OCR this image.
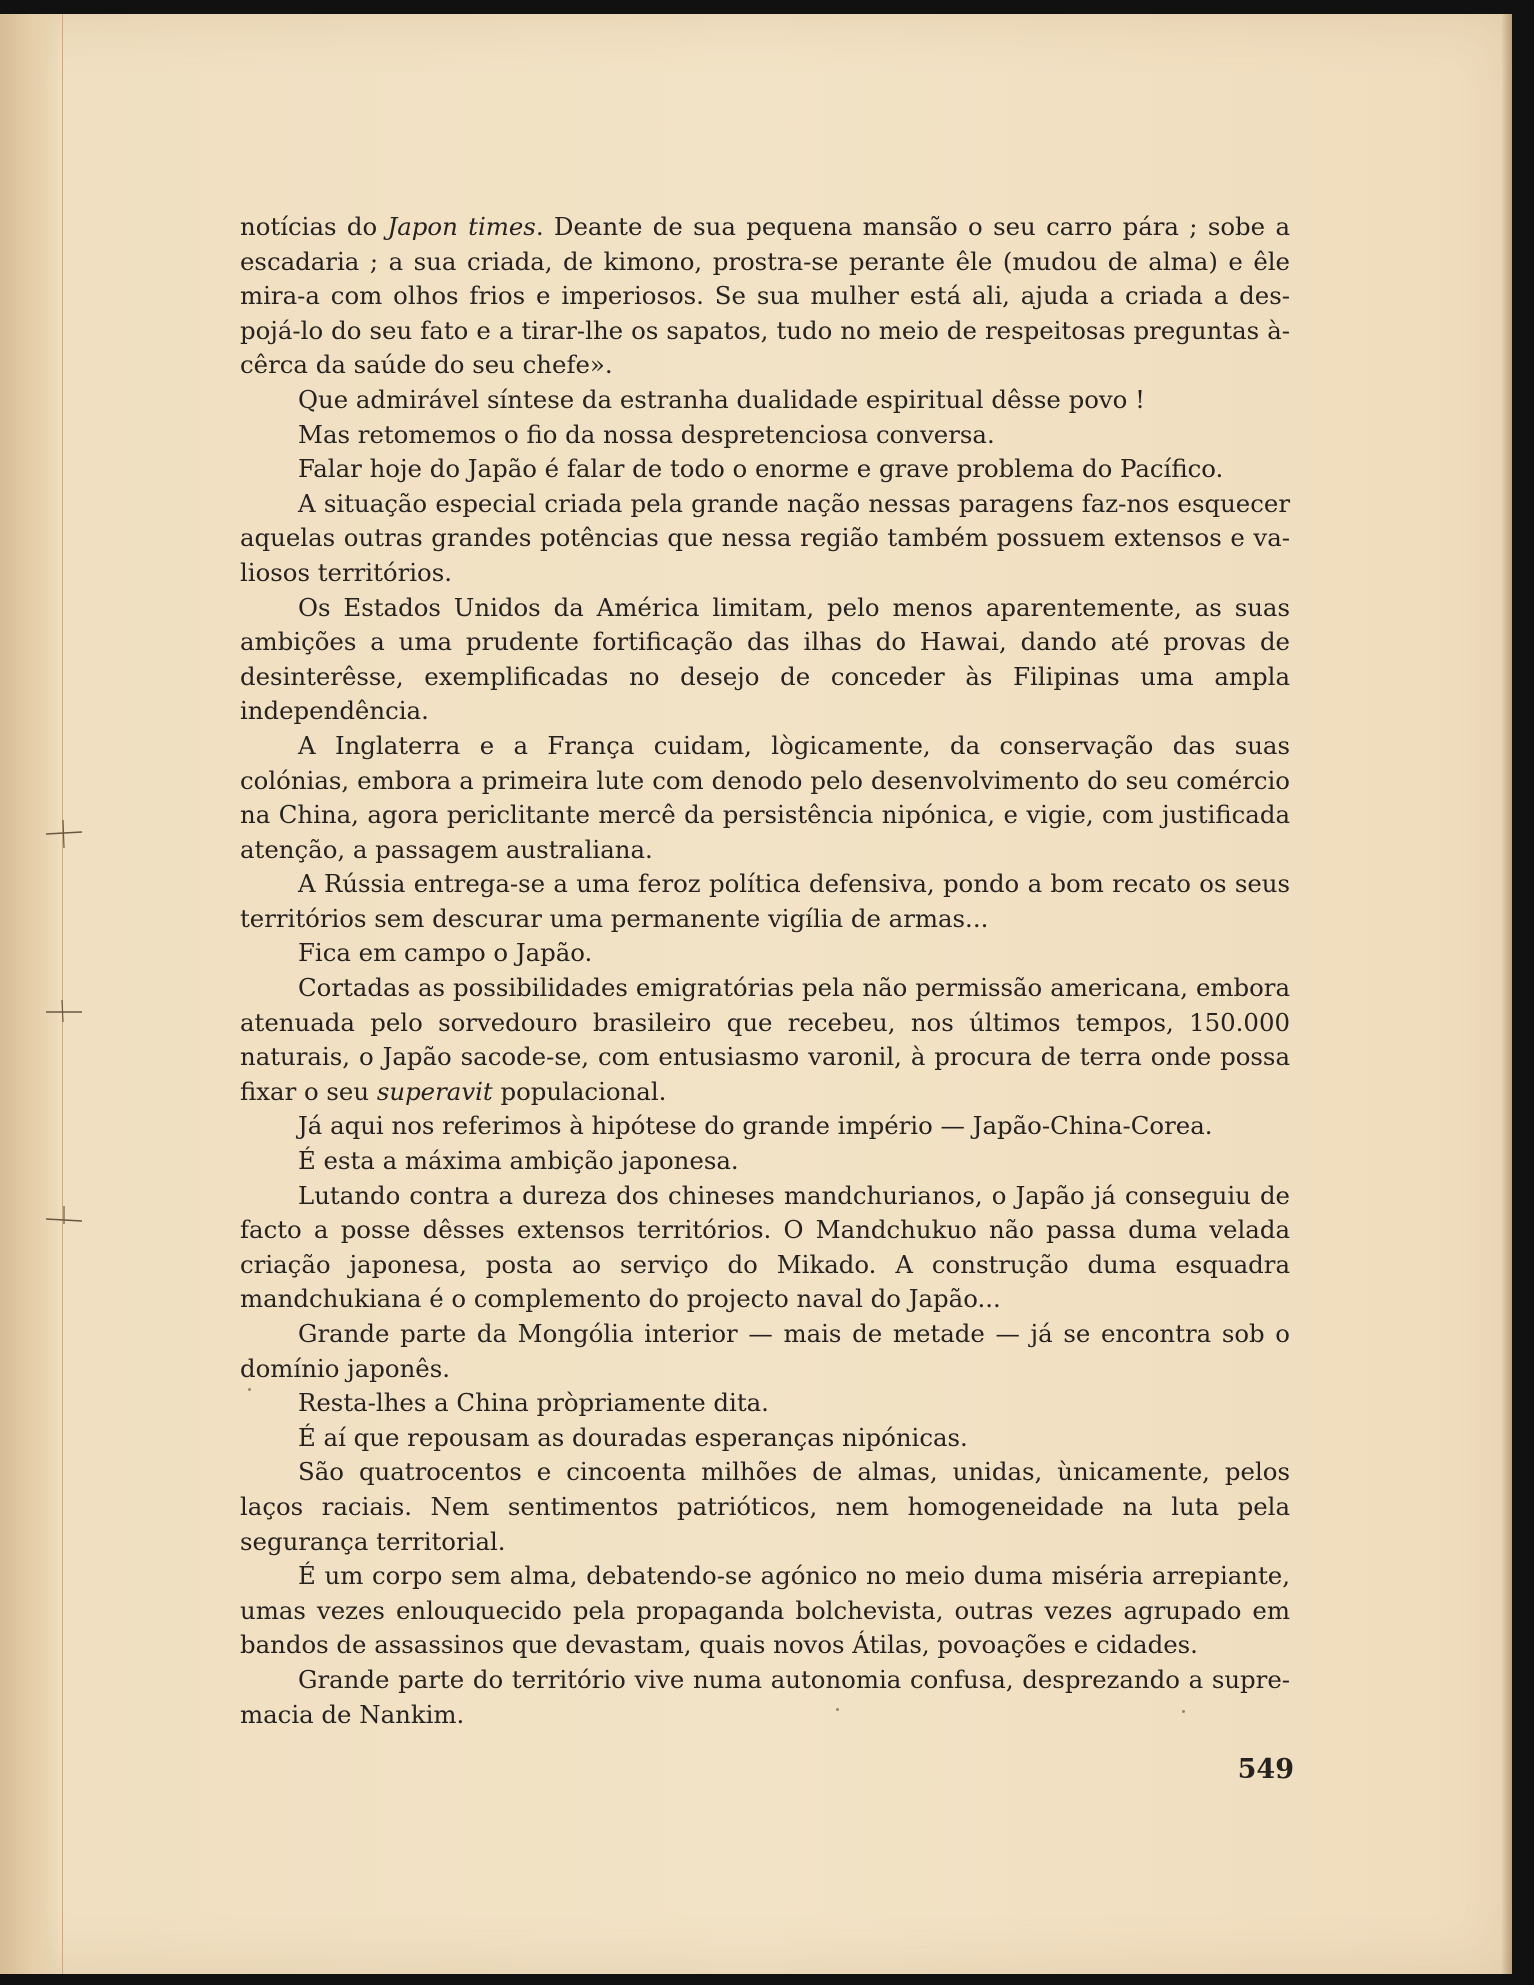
notícias do Japon times. Deante de sua pequena mansão o seu carro pára ; sobe a escadaria ; a sua criada, de kimono, prostra-se perante êle (mudou de alma) e êle mira-a com olhos frios e imperiosos. Se sua mulher está ali, ajuda a criada a despojá-lo do seu fato e a tirar-lhe os sapatos, tudo no meio de respeitosas preguntas à-cêrca da saúde do seu chefe».

Que admirável síntese da estranha dualidade espiritual dêsse povo !

Mas retomemos o fio da nossa despretenciosa conversa.

Falar hoje do Japão é falar de todo o enorme e grave problema do Pacífico.

A situação especial criada pela grande nação nessas paragens faz-nos esquecer aquelas outras grandes potências que nessa região também possuem extensos e valiosos territórios.

Os Estados Unidos da América limitam, pelo menos aparentemente, as suas ambições a uma prudente fortificação das ilhas do Hawai, dando até provas de desinterêsse, exemplificadas no desejo de conceder às Filipinas uma ampla independência.

A Inglaterra e a França cuidam, lògicamente, da conservação das suas colónias, embora a primeira lute com denodo pelo desenvolvimento do seu comércio na China, agora periclitante mercê da persistência nipónica, e vigie, com justificada atenção, a passagem australiana.

A Rússia entrega-se a uma feroz política defensiva, pondo a bom recato os seus territórios sem descurar uma permanente vigília de armas...

Fica em campo o Japão.

Cortadas as possibilidades emigratórias pela não permissão americana, embora atenuada pelo sorvedouro brasileiro que recebeu, nos últimos tempos, 150.000 naturais, o Japão sacode-se, com entusiasmo varonil, à procura de terra onde possa fixar o seu superavit populacional.

Já aqui nos referimos à hipótese do grande império — Japão-China-Corea.

É esta a máxima ambição japonesa.

Lutando contra a dureza dos chineses mandchurianos, o Japão já conseguiu de facto a posse dêsses extensos territórios. O Mandchukuo não passa duma velada criação japonesa, posta ao serviço do Mikado. A construção duma esquadra mandchukiana é o complemento do projecto naval do Japão...

Grande parte da Mongólia interior — mais de metade — já se encontra sob o domínio japonês.

Resta-lhes a China pròpriamente dita.

É aí que repousam as douradas esperanças nipónicas.

São quatrocentos e cincoenta milhões de almas, unidas, ùnicamente, pelos laços raciais. Nem sentimentos patrióticos, nem homogeneidade na luta pela segurança territorial.

É um corpo sem alma, debatendo-se agónico no meio duma miséria arrepiante, umas vezes enlouquecido pela propaganda bolchevista, outras vezes agrupado em bandos de assassinos que devastam, quais novos Átilas, povoações e cidades.

Grande parte do território vive numa autonomia confusa, desprezando a supremacia de Nankim.

549
